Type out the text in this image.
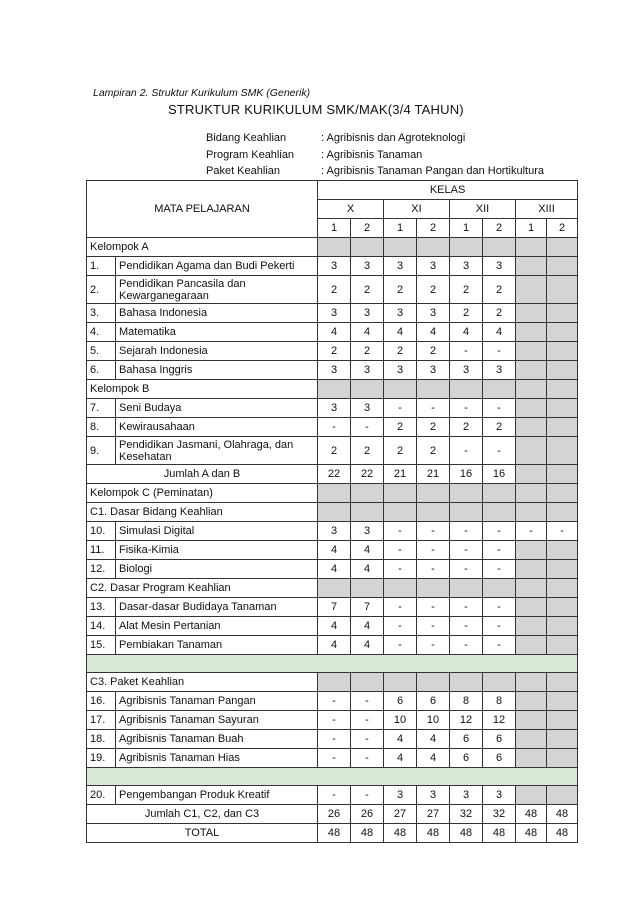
Lampiran 2. Struktur Kurikulum SMK (Generik)
STRUKTUR KURIKULUM SMK/MAK(3/4 TAHUN)
Bidang Keahlian	: Agribisnis dan Agroteknologi
Program Keahlian	: Agribisnis Tanaman
Paket Keahlian	: Agribisnis Tanaman Pangan dan Hortikultura
MATA PELAJARAN		KELAS							
		X		XI		XII		XIII	
		1	2	1	2	1	2	1	2
Kelompok A									
1.	Pendidikan Agama dan Budi Pekerti	3	3	3	3	3	3		
2.	Pendidikan Pancasila dan Kewarganegaraan	2	2	2	2	2	2		
3.	Bahasa Indonesia	3	3	3	3	2	2		
4.	Matematika	4	4	4	4	4	4		
5.	Sejarah Indonesia	2	2	2	2	-	-		
6.	Bahasa Inggris	3	3	3	3	3	3		
Kelompok B									
7.	Seni Budaya	3	3	-	-	-	-		
8.	Kewirausahaan	-	-	2	2	2	2		
9.	Pendidikan Jasmani, Olahraga, dan Kesehatan	2	2	2	2	-	-		
Jumlah A dan B		22	22	21	21	16	16		
Kelompok C (Peminatan)									
C1. Dasar Bidang Keahlian									
10.	Simulasi Digital	3	3	-	-	-	-	-	-
11.	Fisika-Kimia	4	4	-	-	-	-		
12.	Biologi	4	4	-	-	-	-		
C2. Dasar Program Keahlian									
13.	Dasar-dasar Budidaya Tanaman	7	7	-	-	-	-		
14.	Alat Mesin Pertanian	4	4	-	-	-	-		
15.	Pembiakan Tanaman	4	4	-	-	-	-		

C3. Paket Keahlian									
16.	Agribisnis Tanaman Pangan	-	-	6	6	8	8		
17.	Agribisnis Tanaman Sayuran	-	-	10	10	12	12		
18.	Agribisnis Tanaman Buah	-	-	4	4	6	6		
19.	Agribisnis Tanaman Hias	-	-	4	4	6	6		

20.	Pengembangan Produk Kreatif	-	-	3	3	3	3		
Jumlah C1, C2, dan C3		26	26	27	27	32	32	48	48
TOTAL		48	48	48	48	48	48	48	48
